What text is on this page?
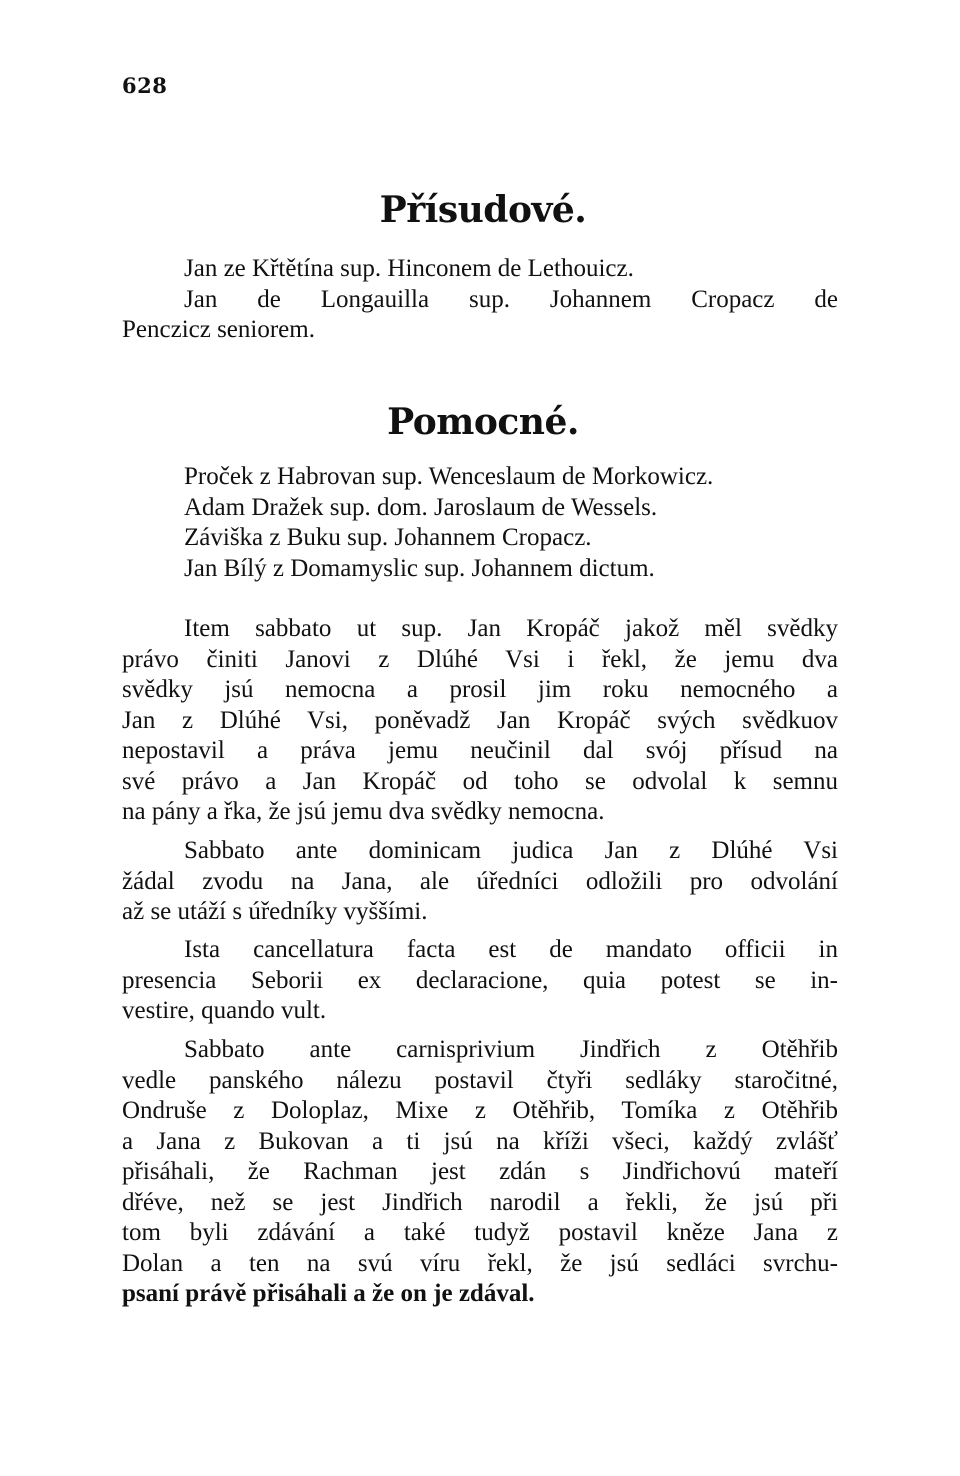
628
Přísudové.
Jan ze Křtětína sup. Hinconem de Lethouicz.
Jan de Longauilla sup. Johannem Cropacz de
Penczicz seniorem.
Pomocné.
Proček z Habrovan sup. Wenceslaum de Morkowicz.
Adam Dražek sup. dom. Jaroslaum de Wessels.
Záviška z Buku sup. Johannem Cropacz.
Jan Bílý z Domamyslic sup. Johannem dictum.
Item sabbato ut sup. Jan Kropáč jakož měl svědky
právo činiti Janovi z Dlúhé Vsi i řekl, že jemu dva
svědky jsú nemocna a prosil jim roku nemocného a
Jan z Dlúhé Vsi, poněvadž Jan Kropáč svých svědkuov
nepostavil a práva jemu neučinil dal svój přísud na
své právo a Jan Kropáč od toho se odvolal k semnu
na pány a řka, že jsú jemu dva svědky nemocna.
Sabbato ante dominicam judica Jan z Dlúhé Vsi
žádal zvodu na Jana, ale úředníci odložili pro odvolání
až se utáží s úředníky vyššími.
Ista cancellatura facta est de mandato officii in
presencia Seborii ex declaracione, quia potest se in-
vestire, quando vult.
Sabbato ante carnisprivium Jindřich z Otěhřib
vedle panského nálezu postavil čtyři sedláky staročitné,
Ondruše z Doloplaz, Mixe z Otěhřib, Tomíka z Otěhřib
a Jana z Bukovan a ti jsú na kříži všeci, každý zvlášť
přisáhali, že Rachman jest zdán s Jindřichovú mateří
dřéve, než se jest Jindřich narodil a řekli, že jsú při
tom byli zdávání a také tudyž postavil kněze Jana z
Dolan a ten na svú víru řekl, že jsú sedláci svrchu-
psaní právě přisáhali a že on je zdával.
